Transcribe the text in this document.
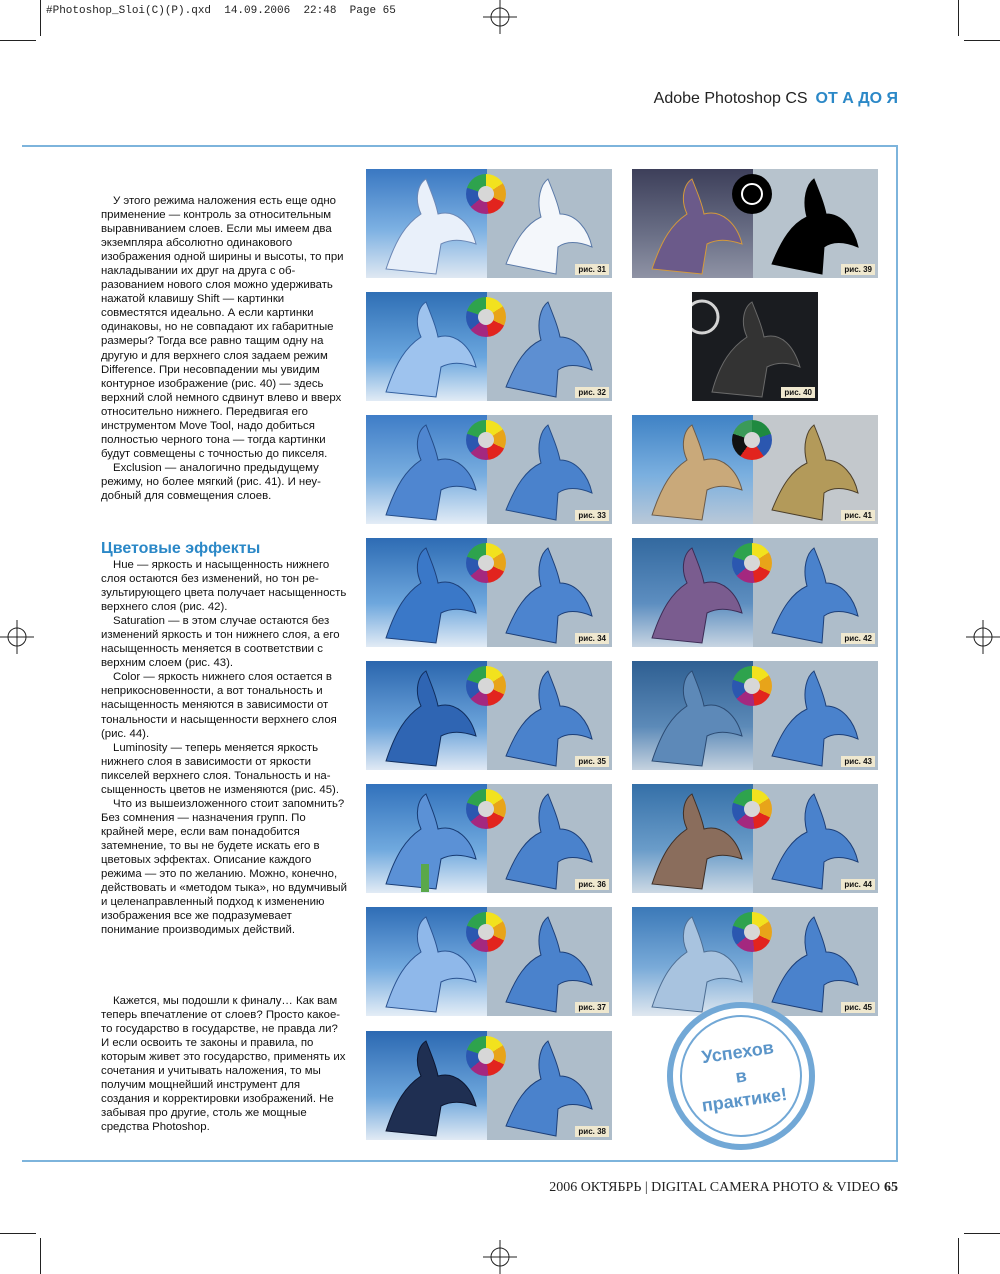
#Photoshop_Sloi(C)(P).qxd  14.09.2006  22:48  Page 65
Adobe Photoshop CS ОТ А ДО Я

У этого режима наложения есть еще одно применение — контроль за относительным выравниванием слоев. Если мы имеем два экземпляра абсолютно одинакового изображения одной ширины и высоты, то при накладывании их друг на друга с образованием нового слоя можно удерживать нажатой клавишу Shift — картинки совместятся идеально. А если картинки одинаковы, но не совпадают их габаритные размеры? Тогда все равно тащим одну на другую и для верхнего слоя задаем режим Difference. При несовпадении мы увидим контурное изображение (рис. 40) — здесь верхний слой немного сдвинут влево и вверх относительно нижнего. Передвигая его инструментом Move Tool, надо добиться полностью черного тона — тогда картинки будут совмещены с точностью до пикселя.

Exclusion — аналогично предыдущему режиму, но более мягкий (рис. 41). И неудобный для совмещения слоев.

Цветовые эффекты

Hue — яркость и насыщенность нижнего слоя остаются без изменений, но тон результирующего цвета получает насыщенность верхнего слоя (рис. 42).

Saturation — в этом случае остаются без изменений яркость и тон нижнего слоя, а его насыщенность меняется в соответствии с верхним слоем (рис. 43).

Color — яркость нижнего слоя остается в неприкосновенности, а вот тональность и насыщенность меняются в зависимости от тональности и насыщенности верхнего слоя (рис. 44).

Luminosity — теперь меняется яркость нижнего слоя в зависимости от яркости пикселей верхнего слоя. Тональность и насыщенность цветов не изменяются (рис. 45).

Что из вышеизложенного стоит запомнить? Без сомнения — назначения групп. По крайней мере, если вам понадобится затемнение, то вы не будете искать его в цветовых эффектах. Описание каждого режима — это по желанию. Можно, конечно, действовать и «методом тыка», но вдумчивый и целенаправленный подход к изменению изображения все же подразумевает понимание производимых действий.

Кажется, мы подошли к финалу… Как вам теперь впечатление от слоев? Просто какое-то государство в государстве, не правда ли? И если освоить те законы и правила, по которым живет это государство, применять их сочетания и учитывать наложения, то мы получим мощнейший инструмент для создания и корректировки изображений. Не забывая про другие, столь же мощные средства Photoshop.

рис. 31
рис. 32
рис. 33
рис. 34
рис. 35
рис. 36
рис. 37
рис. 38
рис. 39
рис. 40
рис. 41
рис. 42
рис. 43
рис. 44
рис. 45
Успехов
в
практике!
2006 ОКТЯБРЬ | DIGITAL CAMERA PHOTO & VIDEO 65
